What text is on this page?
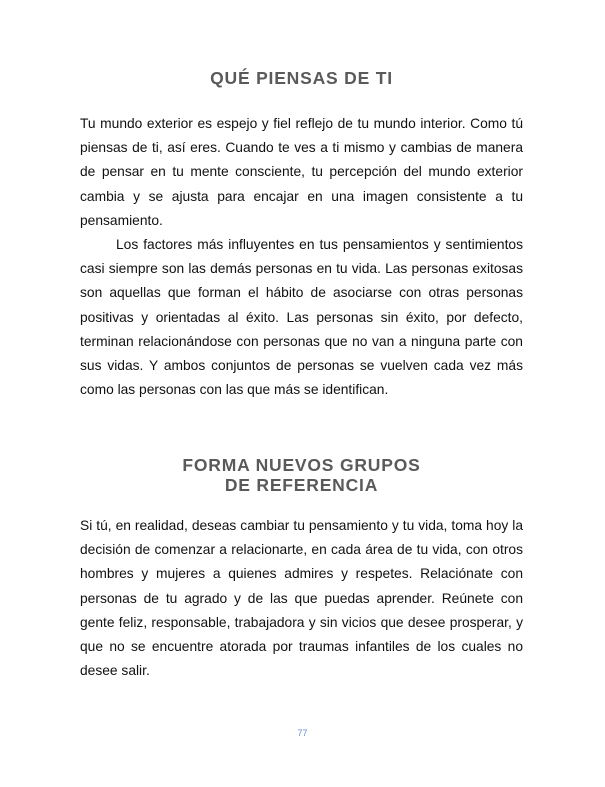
QUÉ PIENSAS DE TI

Tu mundo exterior es espejo y fiel reflejo de tu mundo interior. Como tú piensas de ti, así eres. Cuando te ves a ti mismo y cambias de manera de pensar en tu mente consciente, tu percepción del mundo exterior cambia y se ajusta para encajar en una imagen consistente a tu pensamiento.

Los factores más influyentes en tus pensamientos y sentimientos casi siempre son las demás personas en tu vida. Las personas exitosas son aquellas que forman el hábito de asociarse con otras personas positivas y orientadas al éxito. Las personas sin éxito, por defecto, terminan relacionándose con personas que no van a ninguna parte con sus vidas. Y ambos conjuntos de personas se vuelven cada vez más como las personas con las que más se identifican.

FORMA NUEVOS GRUPOS
DE REFERENCIA

Si tú, en realidad, deseas cambiar tu pensamiento y tu vida, toma hoy la decisión de comenzar a relacionarte, en cada área de tu vida, con otros hombres y mujeres a quienes admires y respetes. Relaciónate con personas de tu agrado y de las que puedas aprender. Reúnete con gente feliz, responsable, trabajadora y sin vicios que desee prosperar, y que no se encuentre atorada por traumas infantiles de los cuales no desee salir.

77
